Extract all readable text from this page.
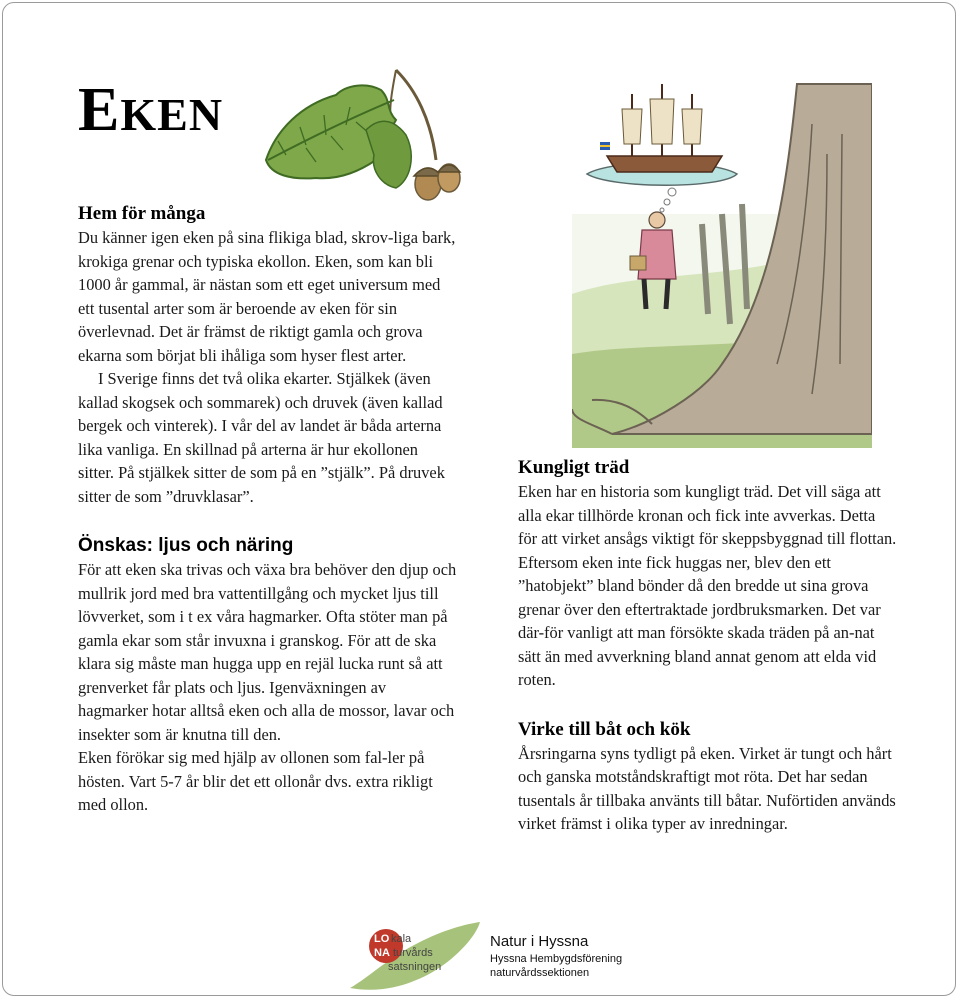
EKEN
Hem för många

Du känner igen eken på sina flikiga blad, skrov-liga bark, krokiga grenar och typiska ekollon. Eken, som kan bli 1000 år gammal, är nästan som ett eget universum med ett tusental arter som är beroende av eken för sin överlevnad. Det är främst de riktigt gamla och grova ekarna som börjat bli ihåliga som hyser flest arter.

I Sverige finns det två olika ekarter. Stjälkek (även kallad skogsek och sommarek) och druvek (även kallad bergek och vinterek). I vår del av landet är båda arterna lika vanliga. En skillnad på arterna är hur ekollonen sitter. På stjälkek sitter de som på en ”stjälk”. På druvek sitter de som ”druvklasar”.

Önskas: ljus och näring

För att eken ska trivas och växa bra behöver den djup och mullrik jord med bra vattentillgång och mycket ljus till lövverket, som i t ex våra hagmarker. Ofta stöter man på gamla ekar som står invuxna i granskog. För att de ska klara sig måste man hugga upp en rejäl lucka runt så att grenverket får plats och ljus. Igenväxningen av hagmarker hotar alltså eken och alla de mossor, lavar och insekter som är knutna till den.

Eken förökar sig med hjälp av ollonen som fal-ler på hösten. Vart 5-7 år blir det ett ollonår dvs. extra rikligt med ollon.

Kungligt träd

Eken har en historia som kungligt träd. Det vill säga att alla ekar tillhörde kronan och fick inte avverkas. Detta för att virket ansågs viktigt för skeppsbyggnad till flottan. Eftersom eken inte fick huggas ner, blev den ett ”hatobjekt” bland bönder då den bredde ut sina grova grenar över den eftertraktade jordbruksmarken. Det var där-för vanligt att man försökte skada träden på an-nat sätt än med avverkning bland annat genom att elda vid roten.

Virke till båt och kök

Årsringarna syns tydligt på eken. Virket är tungt och hårt och ganska motståndskraftigt mot röta. Det har sedan tusentals år tillbaka använts till båtar. Nuförtiden används virket främst i olika typer av inredningar.

LO kala
NA turvårds
satsningen
Natur i Hyssna
Hyssna Hembygdsförening
naturvårdssektionen
